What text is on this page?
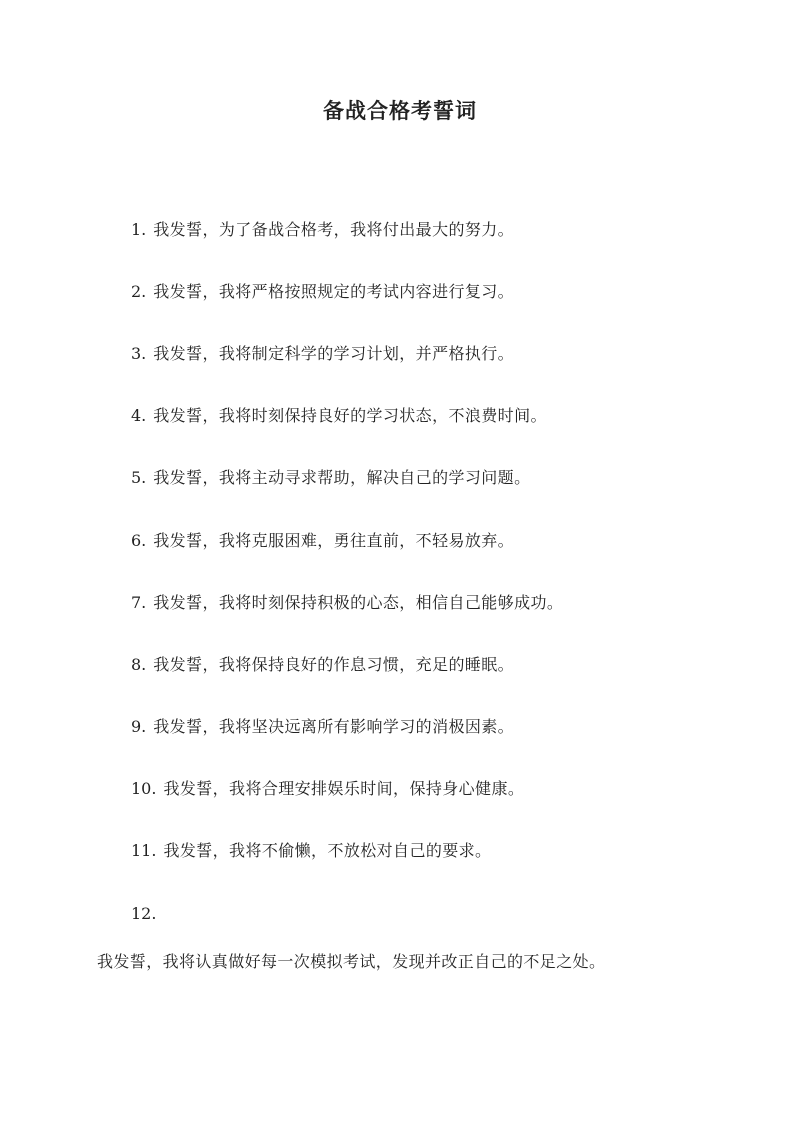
备战合格考誓词
1. 我发誓，为了备战合格考，我将付出最大的努力。
2. 我发誓，我将严格按照规定的考试内容进行复习。
3. 我发誓，我将制定科学的学习计划，并严格执行。
4. 我发誓，我将时刻保持良好的学习状态，不浪费时间。
5. 我发誓，我将主动寻求帮助，解决自己的学习问题。
6. 我发誓，我将克服困难，勇往直前，不轻易放弃。
7. 我发誓，我将时刻保持积极的心态，相信自己能够成功。
8. 我发誓，我将保持良好的作息习惯，充足的睡眠。
9. 我发誓，我将坚决远离所有影响学习的消极因素。
10. 我发誓，我将合理安排娱乐时间，保持身心健康。
11. 我发誓，我将不偷懒，不放松对自己的要求。
12.
我发誓，我将认真做好每一次模拟考试，发现并改正自己的不足之处。
